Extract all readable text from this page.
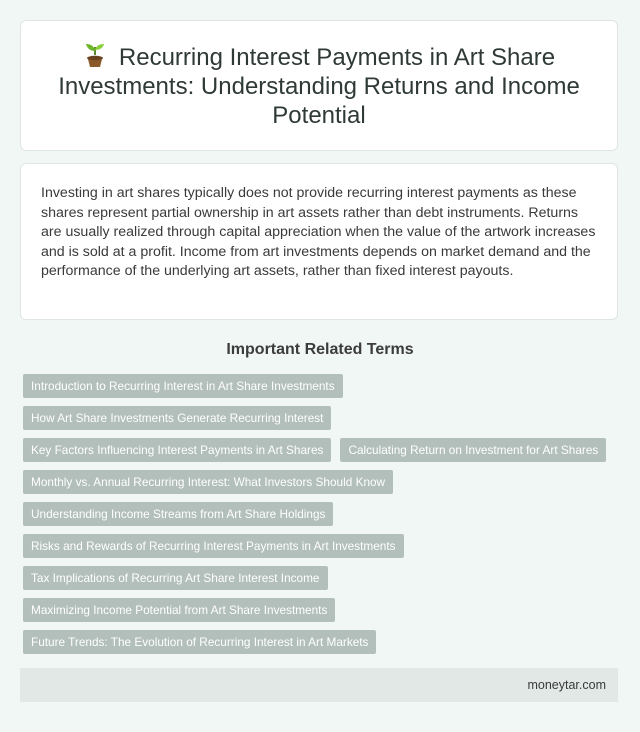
Recurring Interest Payments in Art Share Investments: Understanding Returns and Income Potential

Investing in art shares typically does not provide recurring interest payments as these shares represent partial ownership in art assets rather than debt instruments. Returns are usually realized through capital appreciation when the value of the artwork increases and is sold at a profit. Income from art investments depends on market demand and the performance of the underlying art assets, rather than fixed interest payouts.

Important Related Terms
Introduction to Recurring Interest in Art Share Investments
How Art Share Investments Generate Recurring Interest
Key Factors Influencing Interest Payments in Art Shares	Calculating Return on Investment for Art Shares
Monthly vs. Annual Recurring Interest: What Investors Should Know
Understanding Income Streams from Art Share Holdings
Risks and Rewards of Recurring Interest Payments in Art Investments
Tax Implications of Recurring Art Share Interest Income
Maximizing Income Potential from Art Share Investments
Future Trends: The Evolution of Recurring Interest in Art Markets
moneytar.com
